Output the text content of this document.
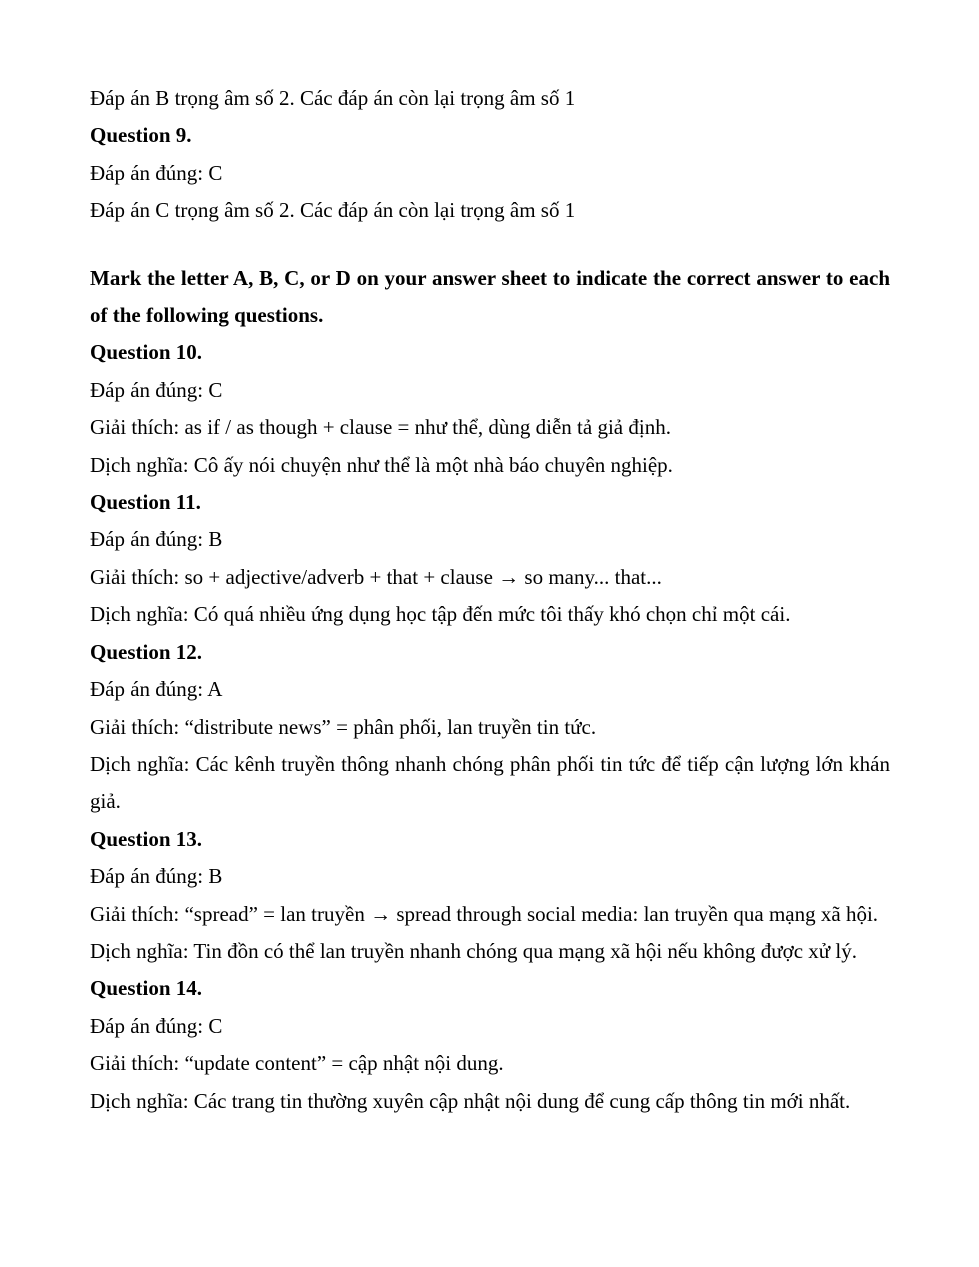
Đáp án B trọng âm số 2. Các đáp án còn lại trọng âm số 1
Question 9.
Đáp án đúng: C
Đáp án C trọng âm số 2. Các đáp án còn lại trọng âm số 1
Mark the letter A, B, C, or D on your answer sheet to indicate the correct answer to each
of the following questions.
Question 10.
Đáp án đúng: C
Giải thích: as if / as though + clause = như thể, dùng diễn tả giả định.
Dịch nghĩa: Cô ấy nói chuyện như thể là một nhà báo chuyên nghiệp.
Question 11.
Đáp án đúng: B
Giải thích: so + adjective/adverb + that + clause → so many... that...
Dịch nghĩa: Có quá nhiều ứng dụng học tập đến mức tôi thấy khó chọn chỉ một cái.
Question 12.
Đáp án đúng: A
Giải thích: “distribute news” = phân phối, lan truyền tin tức.
Dịch nghĩa: Các kênh truyền thông nhanh chóng phân phối tin tức để tiếp cận lượng lớn khán
giả.
Question 13.
Đáp án đúng: B
Giải thích: “spread” = lan truyền → spread through social media: lan truyền qua mạng xã hội.
Dịch nghĩa: Tin đồn có thể lan truyền nhanh chóng qua mạng xã hội nếu không được xử lý.
Question 14.
Đáp án đúng: C
Giải thích: “update content” = cập nhật nội dung.
Dịch nghĩa: Các trang tin thường xuyên cập nhật nội dung để cung cấp thông tin mới nhất.
